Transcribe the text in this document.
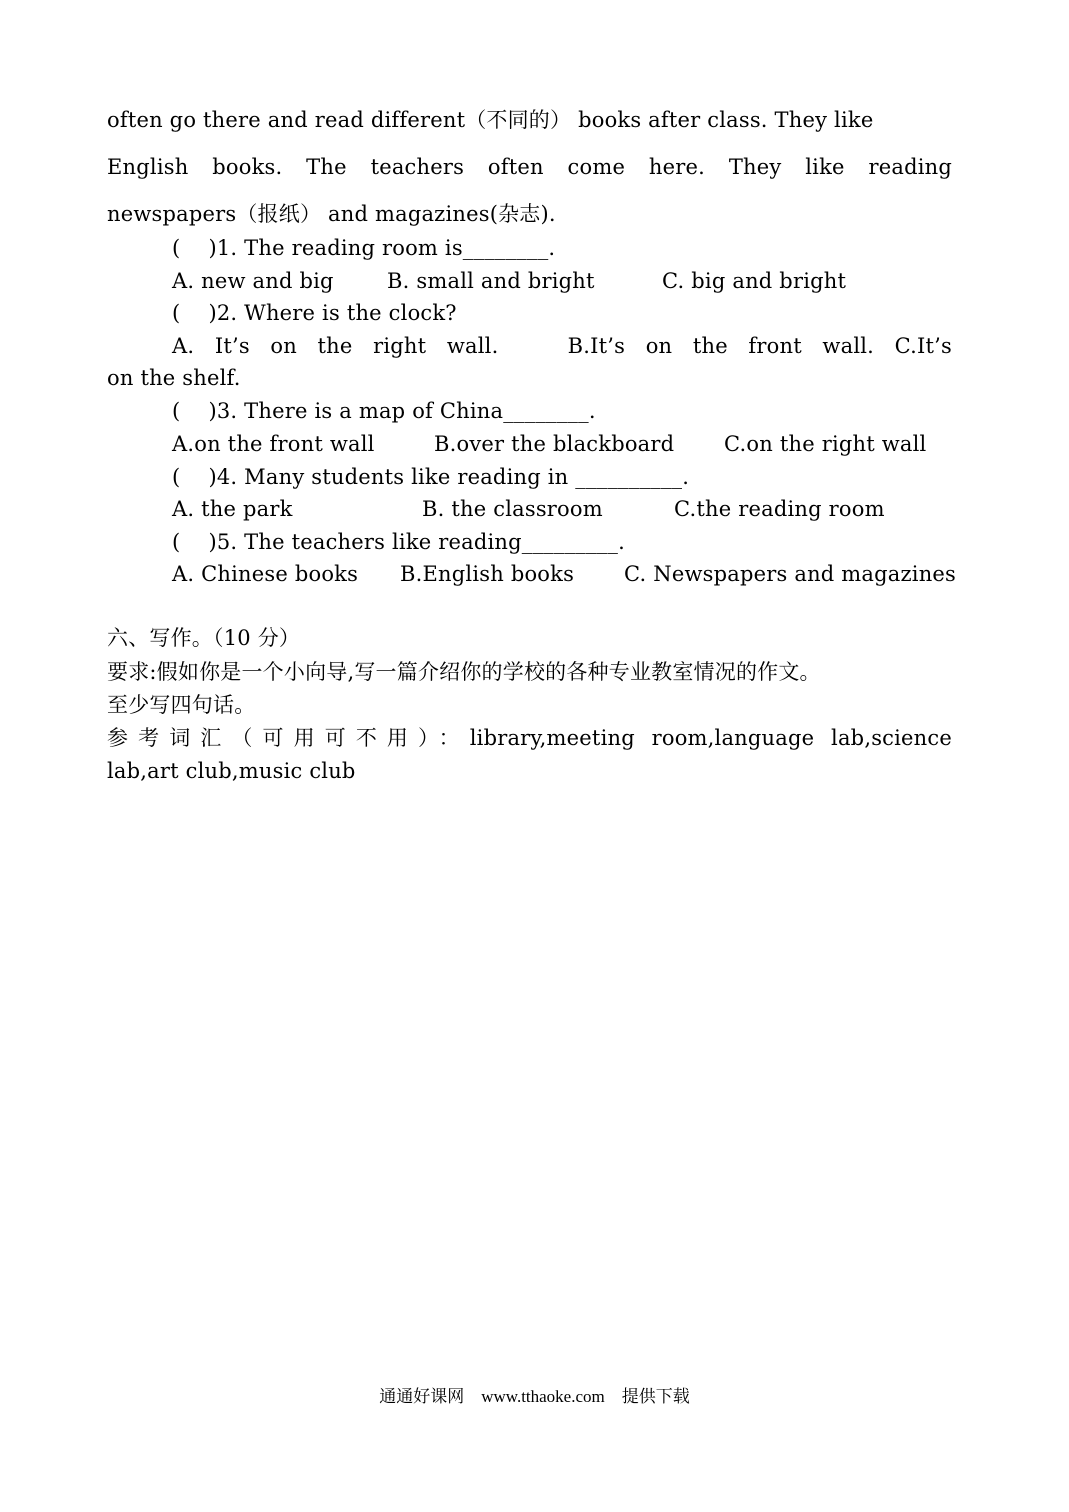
often go there and read different（不同的） books after class. They like
English books. The teachers often come here. They like reading
newspapers（报纸） and magazines(杂志).
(　 )1. The reading room is________.
A. new and big	B. small and bright	C. big and bright
(　 )2. Where is the clock?
A. It’s on the right wall.　 B.It’s on the front wall. C.It’s
on the shelf.
(　 )3. There is a map of China________.
A.on the front wall	B.over the blackboard C.on the right wall
(　 )4. Many students like reading in __________.
A. the park	B. the classroom	C.the reading room
(　 )5. The teachers like reading_________.
A. Chinese books B.English books C. Newspapers and magazines
六、写作。（10 分）
要求:假如你是一个小向导,写一篇介绍你的学校的各种专业教室情况的作文。
至少写四句话。
参考词汇（可用可不用）：library,meeting room,language lab,science
lab,art club,music club
通通好课网　www.tthaoke.com　提供下载
